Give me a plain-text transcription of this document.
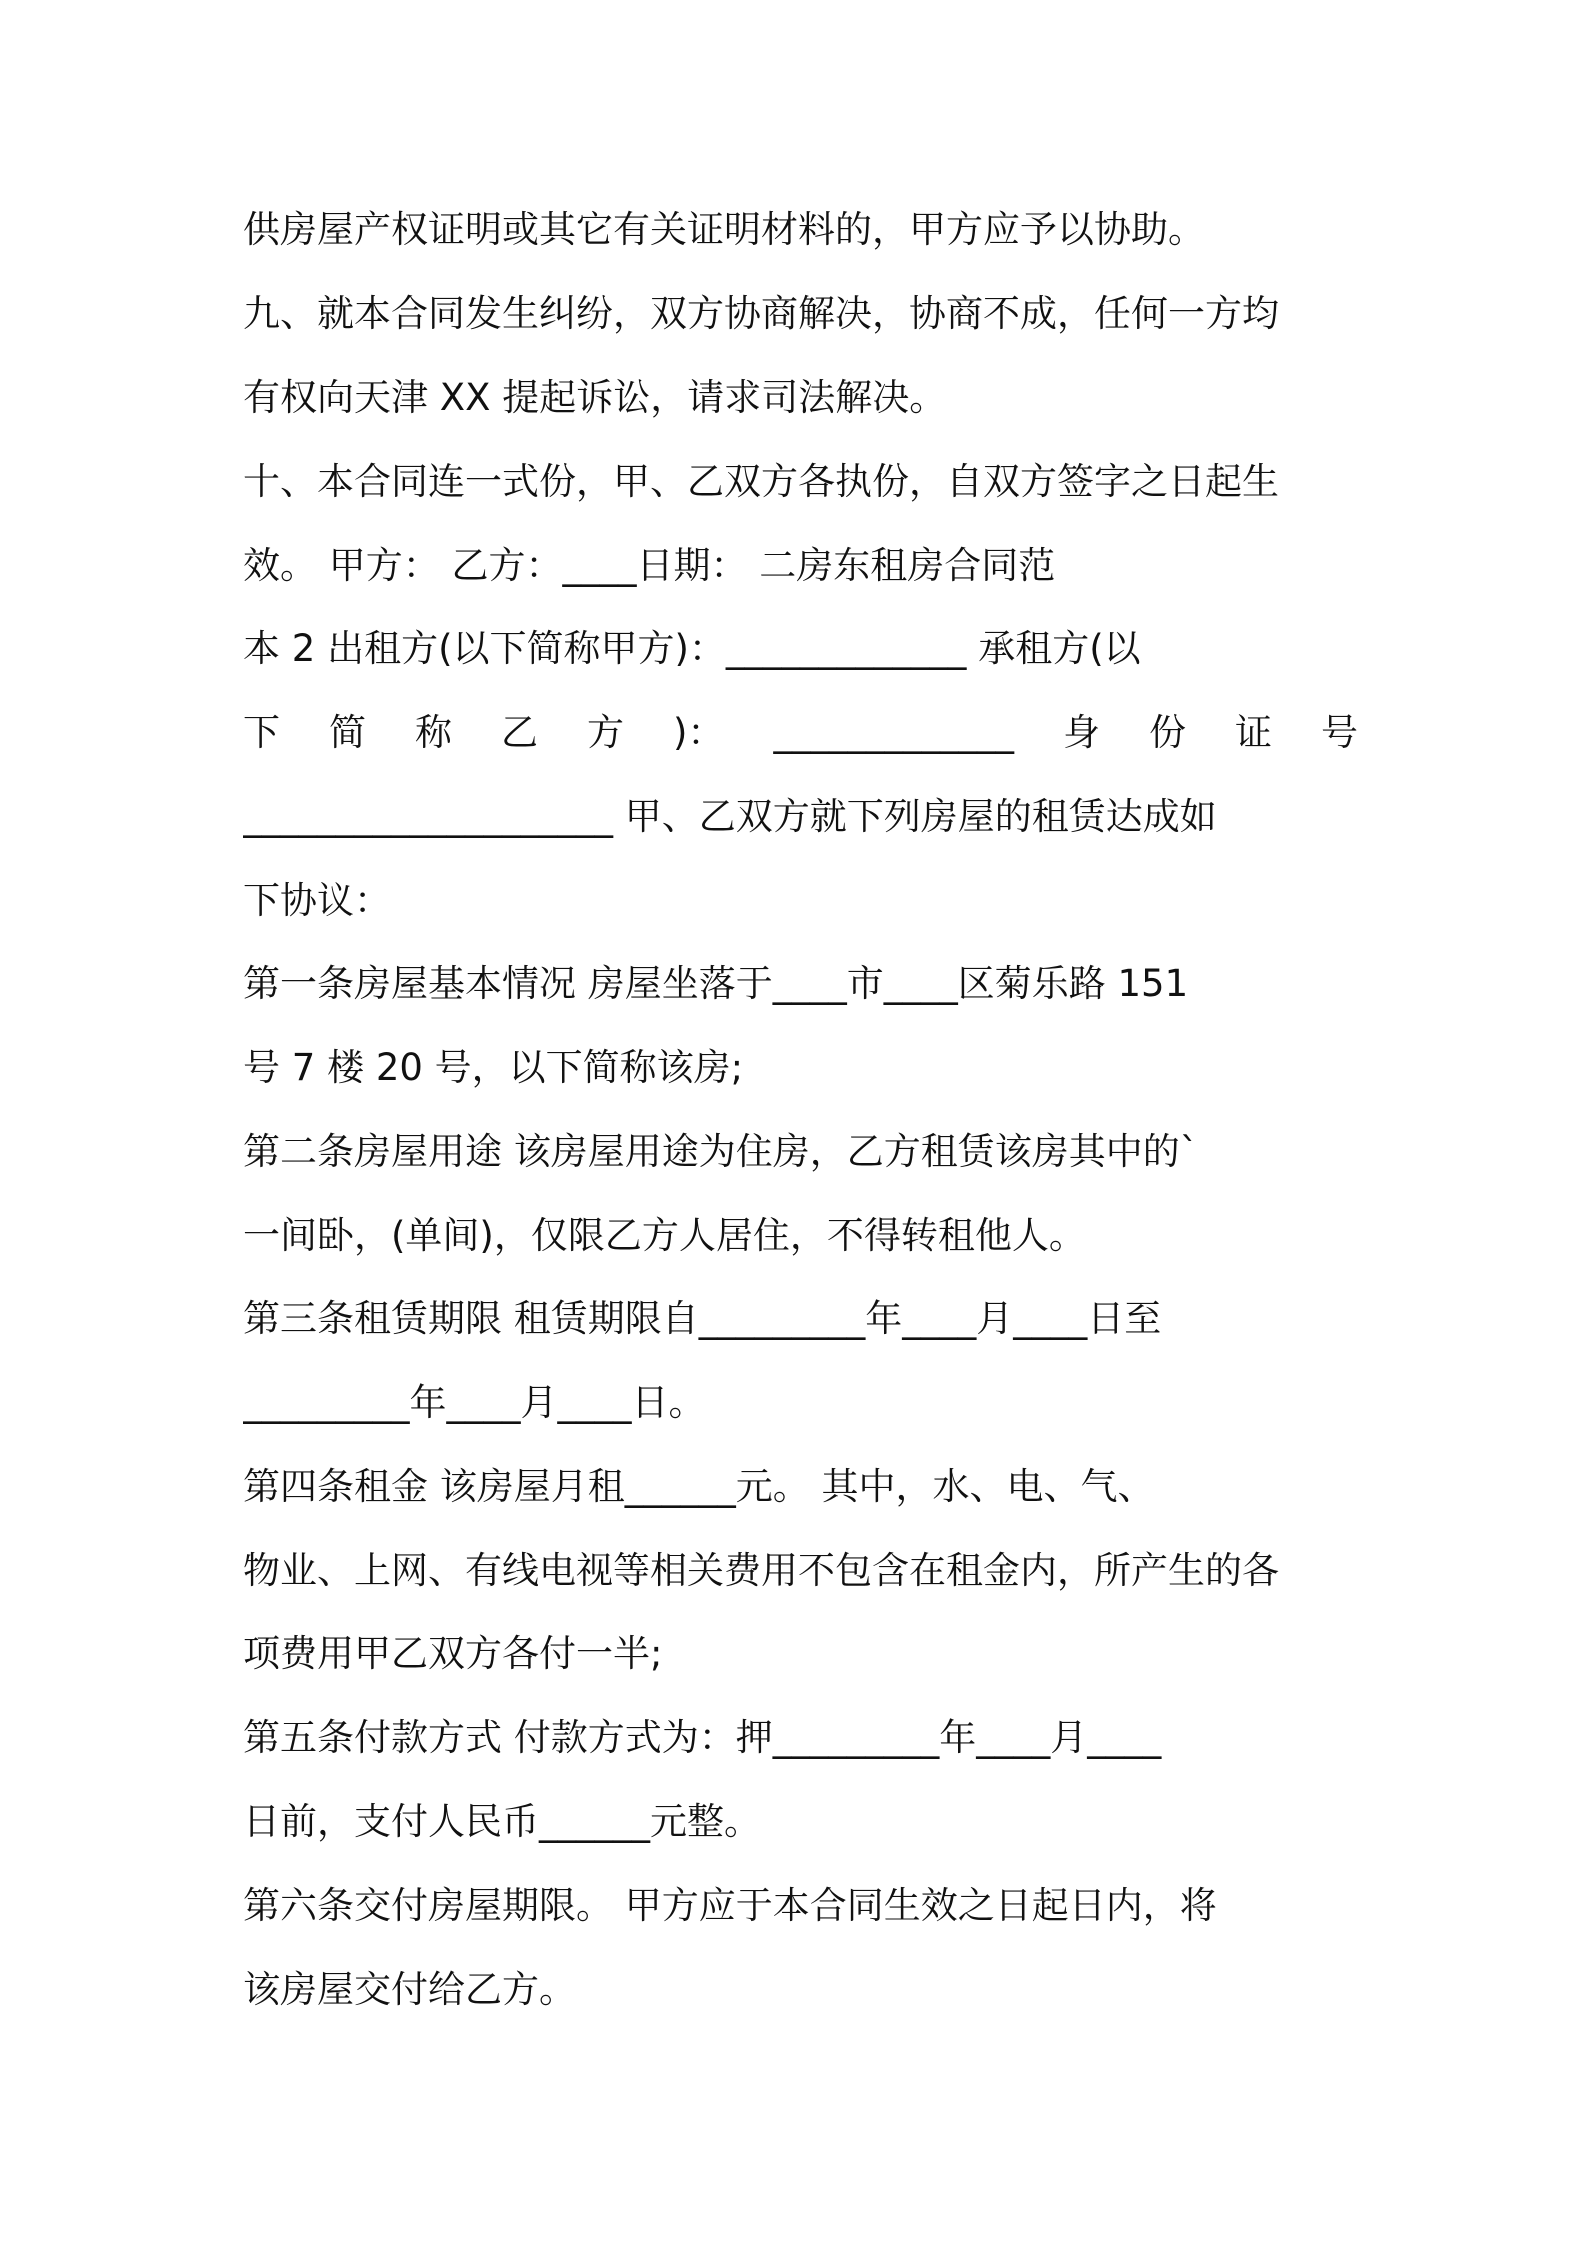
供房屋产权证明或其它有关证明材料的，甲方应予以协助。
九、就本合同发生纠纷，双方协商解决，协商不成，任何一方均
有权向天津 XX 提起诉讼，请求司法解决。
十、本合同连一式份，甲、乙双方各执份，自双方签字之日起生
效。 甲方： 乙方：____日期： 二房东租房合同范
本 2 出租方(以下简称甲方)：_____________ 承租方(以
下 简 称 乙 方 )： _____________ 身 份 证 号
____________________ 甲、乙双方就下列房屋的租赁达成如
下协议：
第一条房屋基本情况 房屋坐落于____市____区菊乐路 151
号 7 楼 20 号，以下简称该房;
第二条房屋用途 该房屋用途为住房，乙方租赁该房其中的`
一间卧，(单间)，仅限乙方人居住，不得转租他人。
第三条租赁期限 租赁期限自_________年____月____日至
_________年____月____日。
第四条租金 该房屋月租______元。 其中，水、电、气、
物业、上网、有线电视等相关费用不包含在租金内，所产生的各
项费用甲乙双方各付一半;
第五条付款方式 付款方式为：押_________年____月____
日前，支付人民币______元整。
第六条交付房屋期限。 甲方应于本合同生效之日起日内，将
该房屋交付给乙方。
